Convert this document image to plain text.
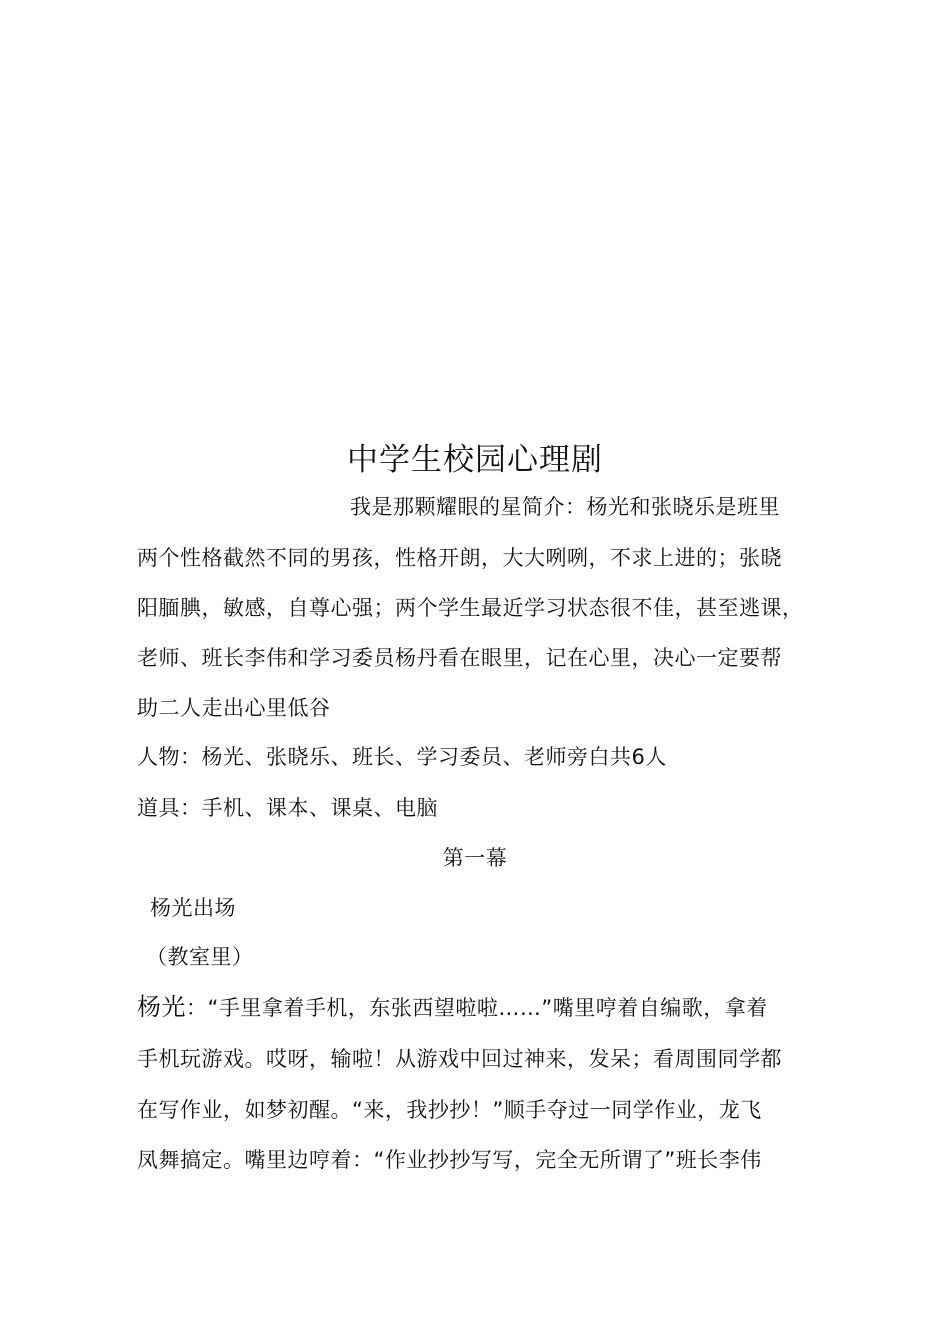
中学生校园心理剧
我是那颗耀眼的星简介：杨光和张晓乐是班里
两个性格截然不同的男孩，性格开朗，大大咧咧，不求上进的；张晓
阳腼腆，敏感，自尊心强；两个学生最近学习状态很不佳，甚至逃课，
老师、班长李伟和学习委员杨丹看在眼里，记在心里，决心一定要帮
助二人走出心里低谷
人物：杨光、张晓乐、班长、学习委员、老师旁白共6人
道具：手机、课本、课桌、电脑
第一幕
杨光出场
（教室里）
杨光：“手里拿着手机，东张西望啦啦……”嘴里哼着自编歌，拿着
手机玩游戏。哎呀，输啦！从游戏中回过神来，发呆；看周围同学都
在写作业，如梦初醒。“来，我抄抄！”顺手夺过一同学作业，龙飞
凤舞搞定。嘴里边哼着：“作业抄抄写写，完全无所谓了”班长李伟
